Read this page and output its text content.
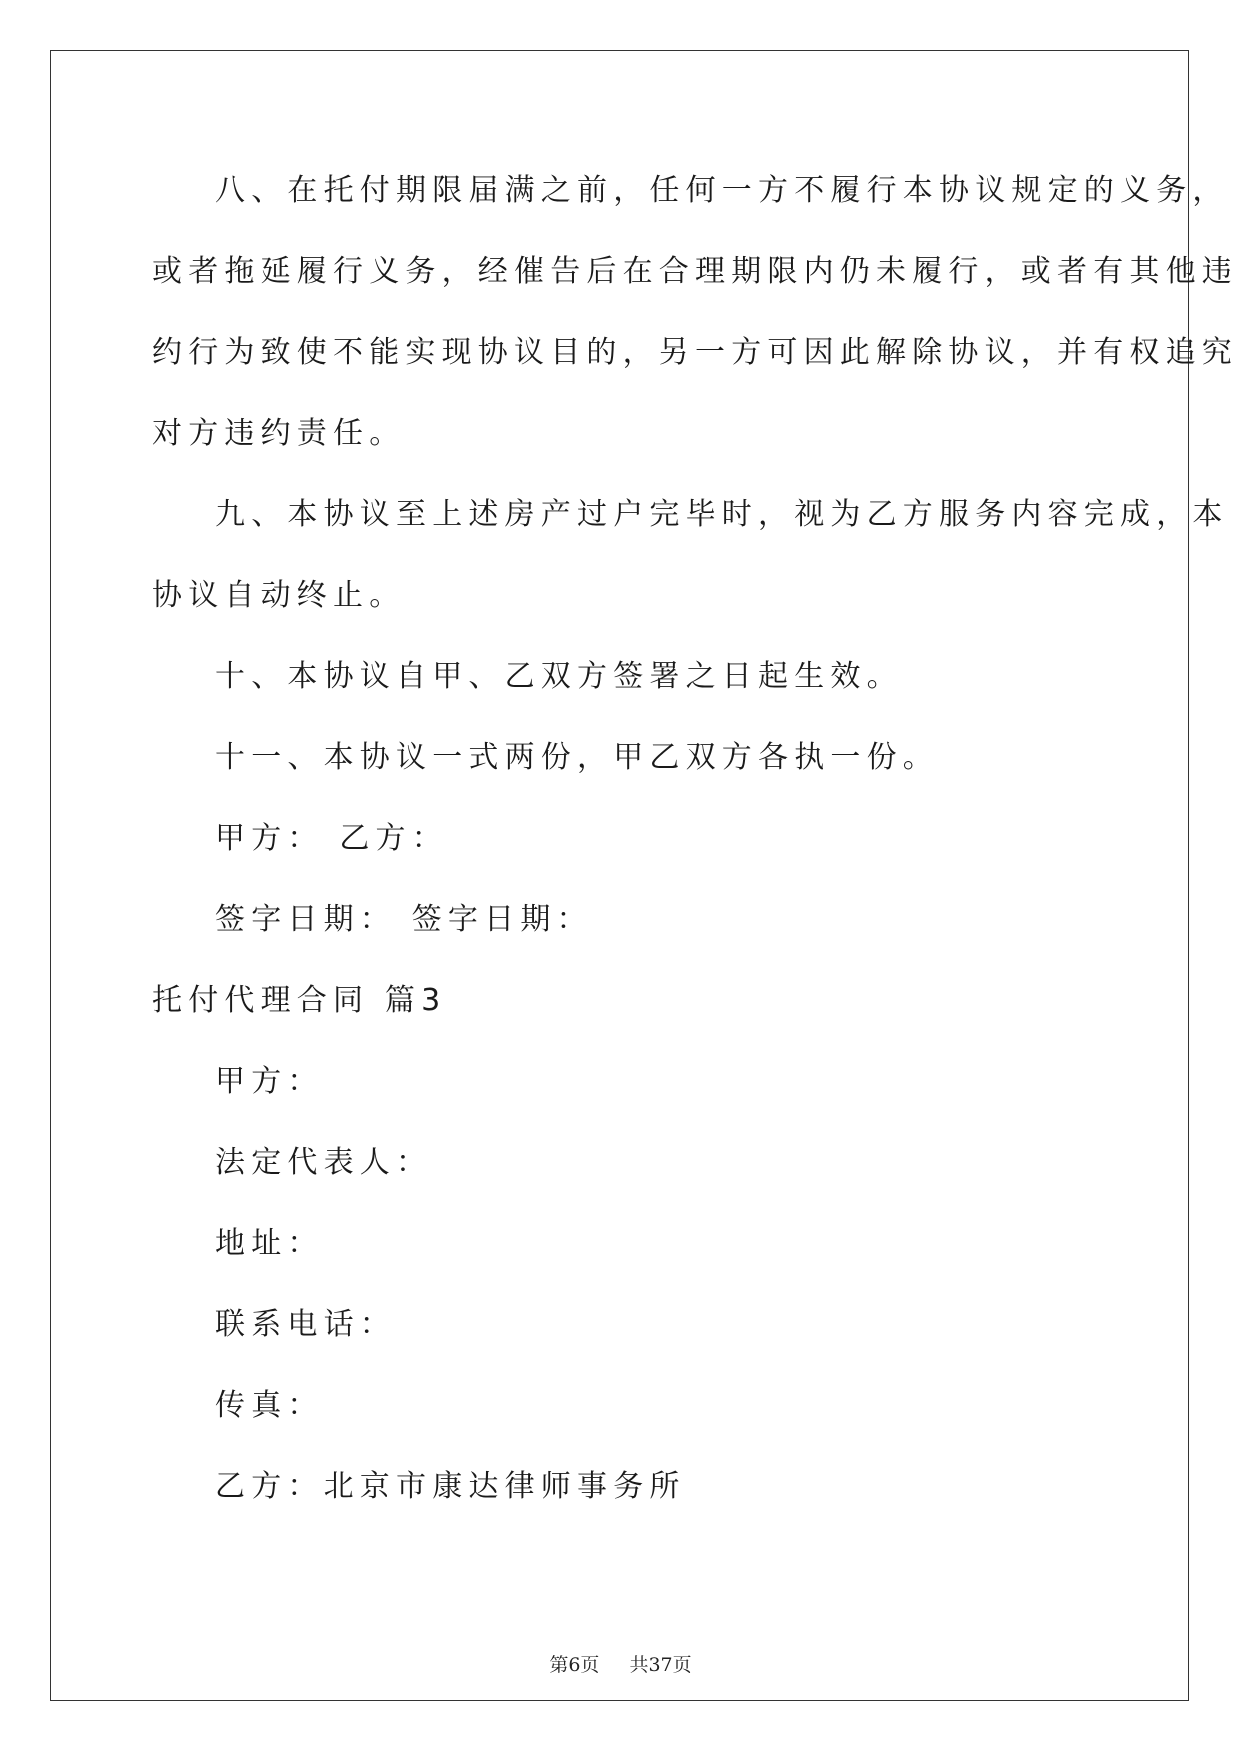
八、在托付期限届满之前，任何一方不履行本协议规定的义务，
或者拖延履行义务，经催告后在合理期限内仍未履行，或者有其他违
约行为致使不能实现协议目的，另一方可因此解除协议，并有权追究
对方违约责任。
九、本协议至上述房产过户完毕时，视为乙方服务内容完成，本
协议自动终止。
十、本协议自甲、乙双方签署之日起生效。
十一、本协议一式两份，甲乙双方各执一份。
甲方： 乙方：
签字日期： 签字日期：
托付代理合同 篇3
甲方：
法定代表人：
地址：
联系电话：
传真：
乙方：北京市康达律师事务所
第6页 共37页
